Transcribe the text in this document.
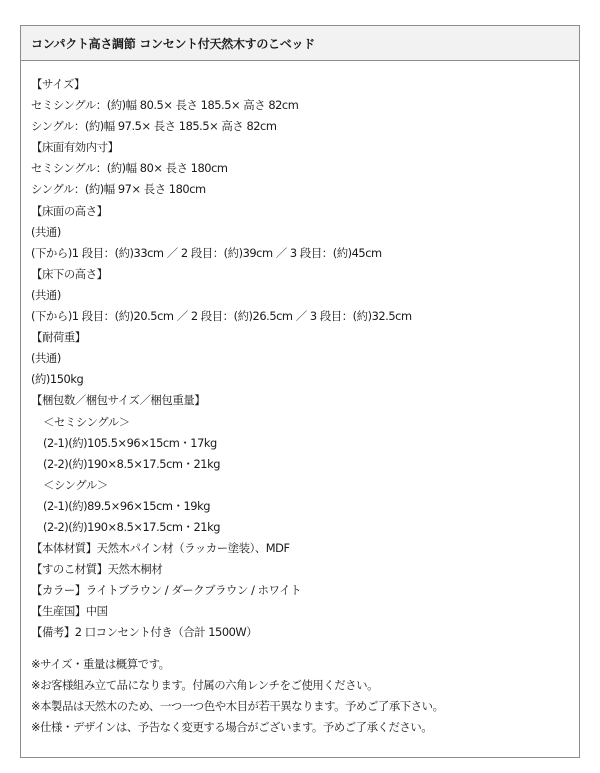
コンパクト高さ調節 コンセント付天然木すのこベッド
【サイズ】
セミシングル：(約)幅 80.5× 長さ 185.5× 高さ 82cm
シングル：(約)幅 97.5× 長さ 185.5× 高さ 82cm
【床面有効内寸】
セミシングル：(約)幅 80× 長さ 180cm
シングル：(約)幅 97× 長さ 180cm
【床面の高さ】
(共通)
(下から)1 段目：(約)33cm ／ 2 段目：(約)39cm ／ 3 段目：(約)45cm
【床下の高さ】
(共通)
(下から)1 段目：(約)20.5cm ／ 2 段目：(約)26.5cm ／ 3 段目：(約)32.5cm
【耐荷重】
(共通)
(約)150kg
【梱包数／梱包サイズ／梱包重量】
＜セミシングル＞
(2-1)(約)105.5×96×15cm・17kg
(2-2)(約)190×8.5×17.5cm・21kg
＜シングル＞
(2-1)(約)89.5×96×15cm・19kg
(2-2)(約)190×8.5×17.5cm・21kg
【本体材質】天然木パイン材（ラッカー塗装）、MDF
【すのこ材質】天然木桐材
【カラー】ライトブラウン / ダークブラウン / ホワイト
【生産国】中国
【備考】2 口コンセント付き（合計 1500W）
※サイズ・重量は概算です。
※お客様組み立て品になります。付属の六角レンチをご使用ください。
※本製品は天然木のため、一つ一つ色や木目が若干異なります。予めご了承下さい。
※仕様・デザインは、予告なく変更する場合がございます。予めご了承ください。
